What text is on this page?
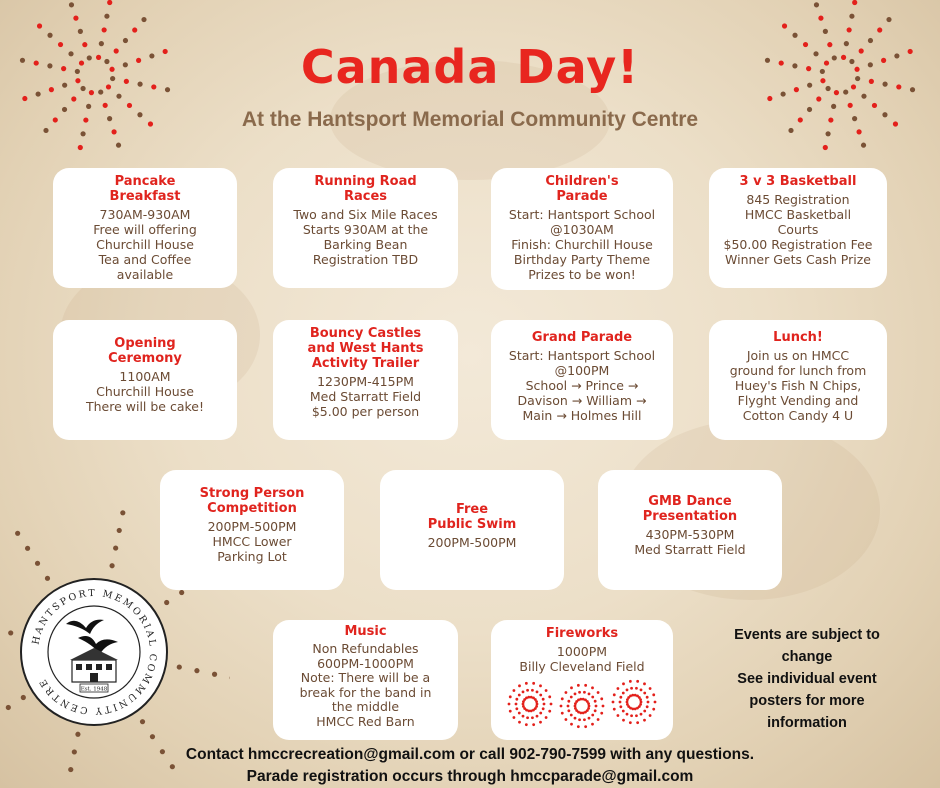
Canada Day!
At the Hantsport Memorial Community Centre
Pancake
Breakfast
730AM-930AM
Free will offering
Churchill House
Tea and Coffee
available
Running Road
Races
Two and Six Mile Races
Starts 930AM at the
Barking Bean
Registration TBD
Children's
Parade
Start: Hantsport School
@1030AM
Finish: Churchill House
Birthday Party Theme
Prizes to be won!
3 v 3 Basketball
845 Registration
HMCC Basketball
Courts
$50.00 Registration Fee
Winner Gets Cash Prize
Opening
Ceremony
1100AM
Churchill House
There will be cake!
Bouncy Castles
and West Hants
Activity Trailer
1230PM-415PM
Med Starratt Field
$5.00 per person
Grand Parade
Start: Hantsport School
@100PM
School → Prince →
Davison → William →
Main → Holmes Hill
Lunch!
Join us on HMCC
ground for lunch from
Huey's Fish N Chips,
Flyght Vending and
Cotton Candy 4 U
Strong Person
Competition
200PM-500PM
HMCC Lower
Parking Lot
Free
Public Swim
200PM-500PM
GMB Dance
Presentation
430PM-530PM
Med Starratt Field
Music
Non Refundables
600PM-1000PM
Note: There will be a
break for the band in
the middle
HMCC Red Barn
Fireworks
1000PM
Billy Cleveland Field
Events are subject to change
See individual event posters for more information
HANTSPORT MEMORIAL COMMUNITY CENTRE
Est. 1948
Contact hmccrecreation@gmail.com or call 902-790-7599 with any questions.
Parade registration occurs through hmccparade@gmail.com
